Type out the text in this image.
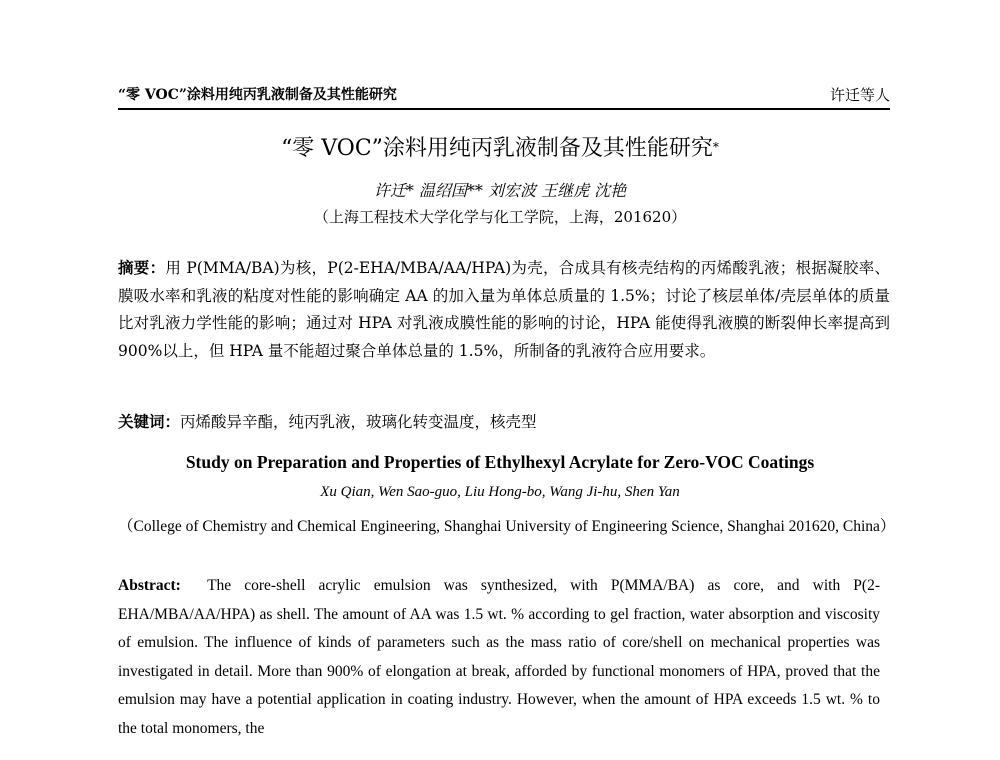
“零 VOC”涂料用纯丙乳液制备及其性能研究	许迁等人
“零 VOC”涂料用纯丙乳液制备及其性能研究*
许迁* 温绍国** 刘宏波 王继虎 沈艳
（上海工程技术大学化学与化工学院，上海，201620）
摘要：用 P(MMA/BA)为核，P(2-EHA/MBA/AA/HPA)为壳，合成具有核壳结构的丙烯酸乳液；根据凝胶率、膜吸水率和乳液的粘度对性能的影响确定 AA 的加入量为单体总质量的 1.5%；讨论了核层单体/壳层单体的质量比对乳液力学性能的影响；通过对 HPA 对乳液成膜性能的影响的讨论，HPA 能使得乳液膜的断裂伸长率提高到 900%以上，但 HPA 量不能超过聚合单体总量的 1.5%，所制备的乳液符合应用要求。
关键词：丙烯酸异辛酯，纯丙乳液，玻璃化转变温度，核壳型
Study on Preparation and Properties of Ethylhexyl Acrylate for Zero-VOC Coatings
Xu Qian, Wen Sao-guo, Liu Hong-bo, Wang Ji-hu, Shen Yan
（College of Chemistry and Chemical Engineering, Shanghai University of Engineering Science, Shanghai 201620, China）
Abstract: The core-shell acrylic emulsion was synthesized, with P(MMA/BA) as core, and with P(2-EHA/MBA/AA/HPA) as shell. The amount of AA was 1.5 wt. % according to gel fraction, water absorption and viscosity of emulsion. The influence of kinds of parameters such as the mass ratio of core/shell on mechanical properties was investigated in detail. More than 900% of elongation at break, afforded by functional monomers of HPA, proved that the emulsion may have a potential application in coating industry. However, when the amount of HPA exceeds 1.5 wt. % to the total monomers, the
